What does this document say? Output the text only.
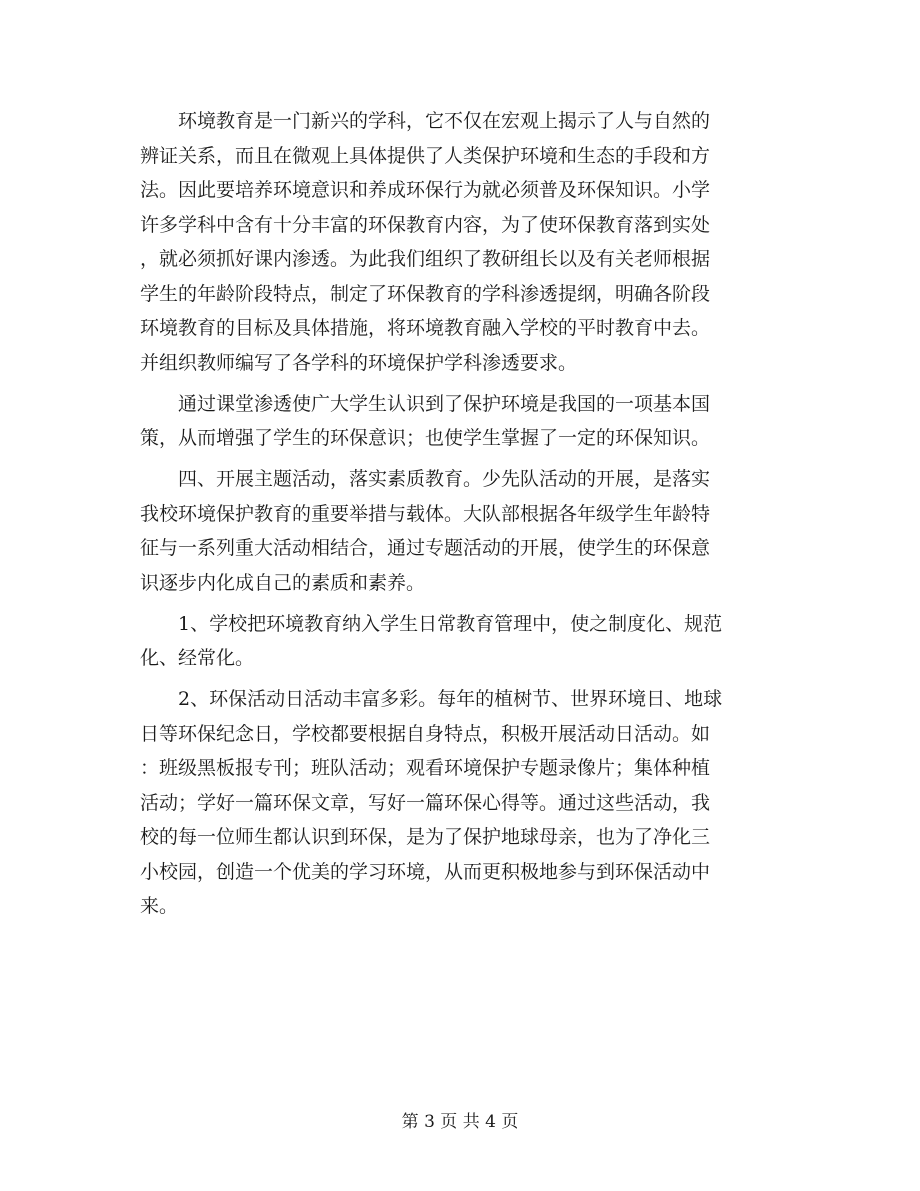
　　环境教育是一门新兴的学科，它不仅在宏观上揭示了人与自然的
辨证关系，而且在微观上具体提供了人类保护环境和生态的手段和方
法。因此要培养环境意识和养成环保行为就必须普及环保知识。小学
许多学科中含有十分丰富的环保教育内容，为了使环保教育落到实处
，就必须抓好课内渗透。为此我们组织了教研组长以及有关老师根据
学生的年龄阶段特点，制定了环保教育的学科渗透提纲，明确各阶段
环境教育的目标及具体措施，将环境教育融入学校的平时教育中去。
并组织教师编写了各学科的环境保护学科渗透要求。
　　通过课堂渗透使广大学生认识到了保护环境是我国的一项基本国
策，从而增强了学生的环保意识；也使学生掌握了一定的环保知识。
　　四、开展主题活动，落实素质教育。少先队活动的开展，是落实
我校环境保护教育的重要举措与载体。大队部根据各年级学生年龄特
征与一系列重大活动相结合，通过专题活动的开展，使学生的环保意
识逐步内化成自己的素质和素养。
　　1、学校把环境教育纳入学生日常教育管理中，使之制度化、规范
化、经常化。
　　2、环保活动日活动丰富多彩。每年的植树节、世界环境日、地球
日等环保纪念日，学校都要根据自身特点，积极开展活动日活动。如
：班级黑板报专刊；班队活动；观看环境保护专题录像片；集体种植
活动；学好一篇环保文章，写好一篇环保心得等。通过这些活动，我
校的每一位师生都认识到环保，是为了保护地球母亲，也为了净化三
小校园，创造一个优美的学习环境，从而更积极地参与到环保活动中
来。
第 3 页 共 4 页
